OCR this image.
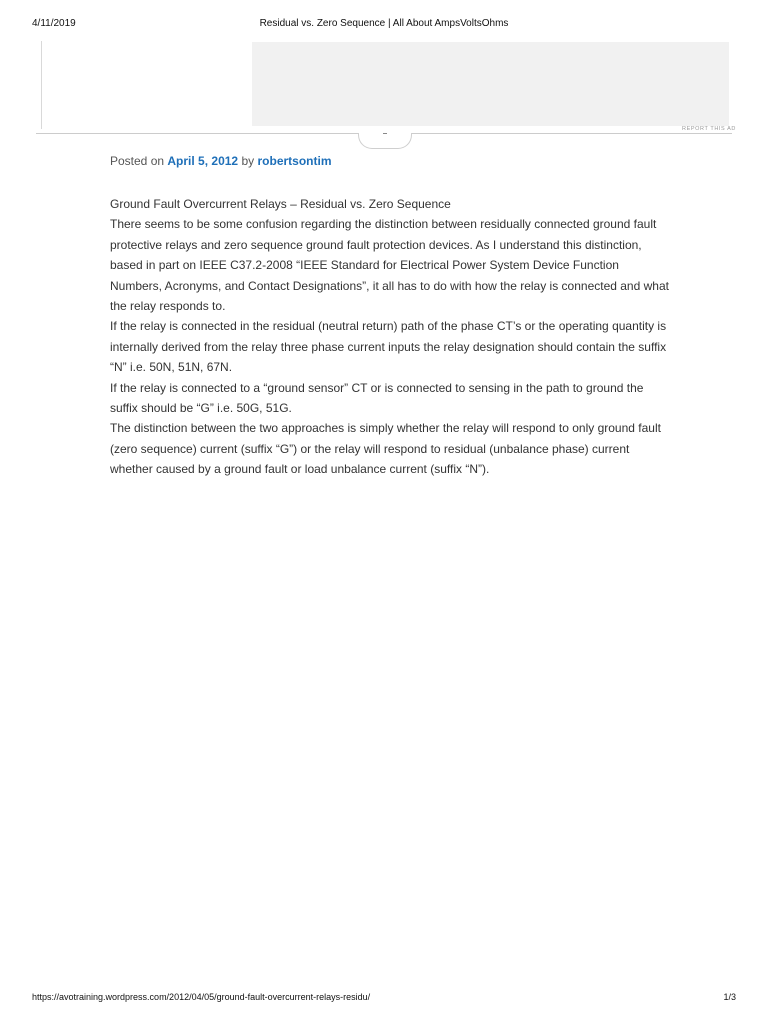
4/11/2019	Residual vs. Zero Sequence | All About AmpsVoltsOhms
REPORT THIS AD
Posted on April 5, 2012 by robertsontim

Ground Fault Overcurrent Relays – Residual vs. Zero Sequence

There seems to be some confusion regarding the distinction between residually connected ground fault protective relays and zero sequence ground fault protection devices. As I understand this distinction, based in part on IEEE C37.2-2008 “IEEE Standard for Electrical Power System Device Function Numbers, Acronyms, and Contact Designations”, it all has to do with how the relay is connected and what the relay responds to.

If the relay is connected in the residual (neutral return) path of the phase CT’s or the operating quantity is internally derived from the relay three phase current inputs the relay designation should contain the suffix “N” i.e. 50N, 51N, 67N.

If the relay is connected to a “ground sensor” CT or is connected to sensing in the path to ground the suffix should be “G” i.e. 50G, 51G.

The distinction between the two approaches is simply whether the relay will respond to only ground fault (zero sequence) current (suffix “G”) or the relay will respond to residual (unbalance phase) current whether caused by a ground fault or load unbalance current (suffix “N”).

https://avotraining.wordpress.com/2012/04/05/ground-fault-overcurrent-relays-residu/	1/3
